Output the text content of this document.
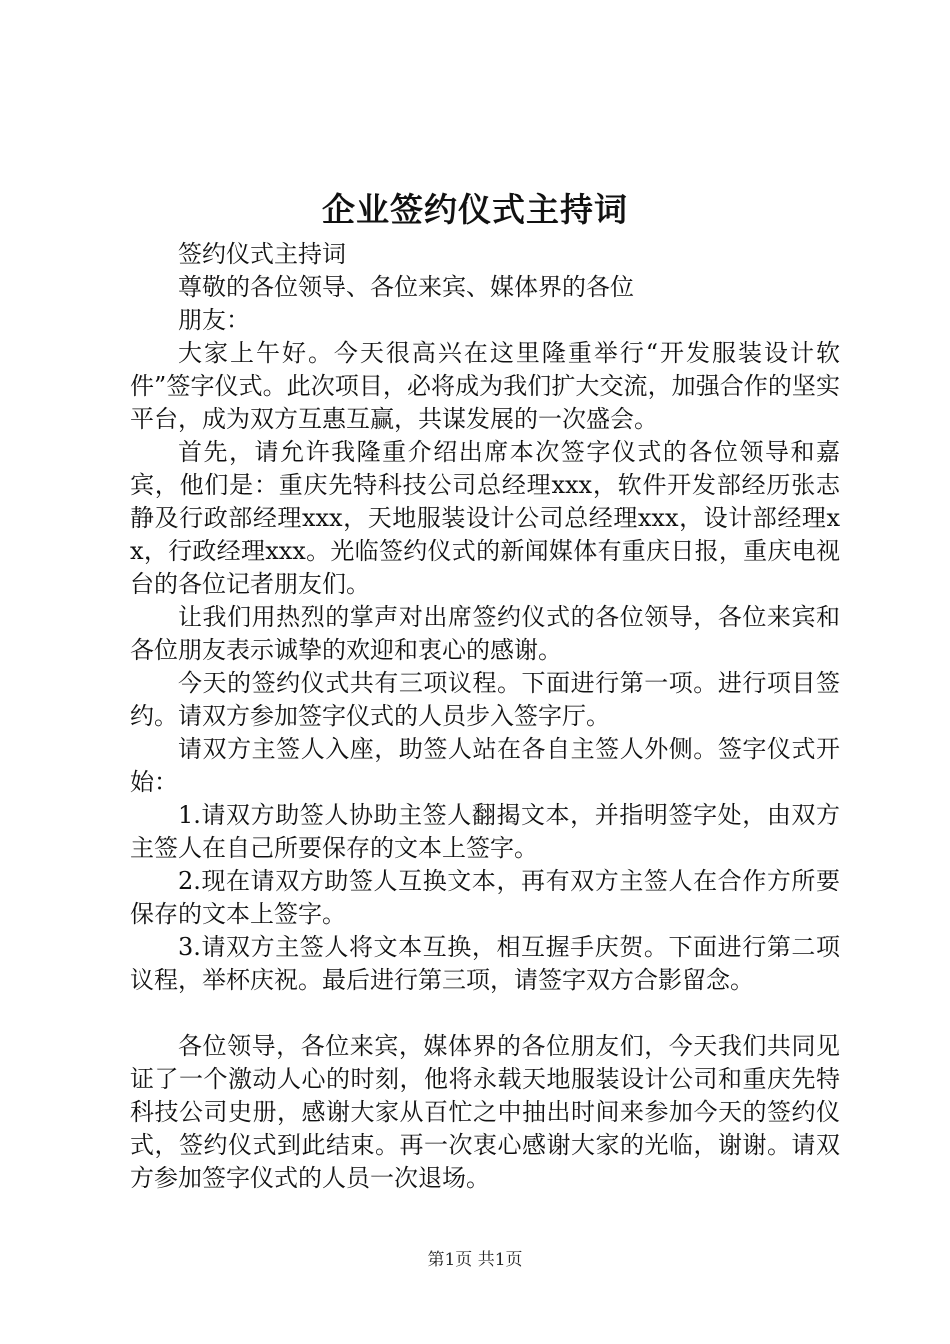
企业签约仪式主持词

签约仪式主持词

尊敬的各位领导、各位来宾、媒体界的各位

朋友：

大家上午好。今天很高兴在这里隆重举行“开发服装设计软件”签字仪式。此次项目，必将成为我们扩大交流，加强合作的坚实平台，成为双方互惠互赢，共谋发展的一次盛会。

首先，请允许我隆重介绍出席本次签字仪式的各位领导和嘉宾，他们是：重庆先特科技公司总经理xxx，软件开发部经历张志静及行政部经理xxx，天地服装设计公司总经理xxx，设计部经理xx，行政经理xxx。光临签约仪式的新闻媒体有重庆日报，重庆电视台的各位记者朋友们。

让我们用热烈的掌声对出席签约仪式的各位领导，各位来宾和各位朋友表示诚挚的欢迎和衷心的感谢。

今天的签约仪式共有三项议程。下面进行第一项。进行项目签约。请双方参加签字仪式的人员步入签字厅。

请双方主签人入座，助签人站在各自主签人外侧。签字仪式开始：

1.请双方助签人协助主签人翻揭文本，并指明签字处，由双方主签人在自己所要保存的文本上签字。

2.现在请双方助签人互换文本，再有双方主签人在合作方所要保存的文本上签字。

3.请双方主签人将文本互换，相互握手庆贺。下面进行第二项议程，举杯庆祝。最后进行第三项，请签字双方合影留念。

各位领导，各位来宾，媒体界的各位朋友们，今天我们共同见证了一个激动人心的时刻，他将永载天地服装设计公司和重庆先特科技公司史册，感谢大家从百忙之中抽出时间来参加今天的签约仪式，签约仪式到此结束。再一次衷心感谢大家的光临，谢谢。请双方参加签字仪式的人员一次退场。

第1页 共1页
